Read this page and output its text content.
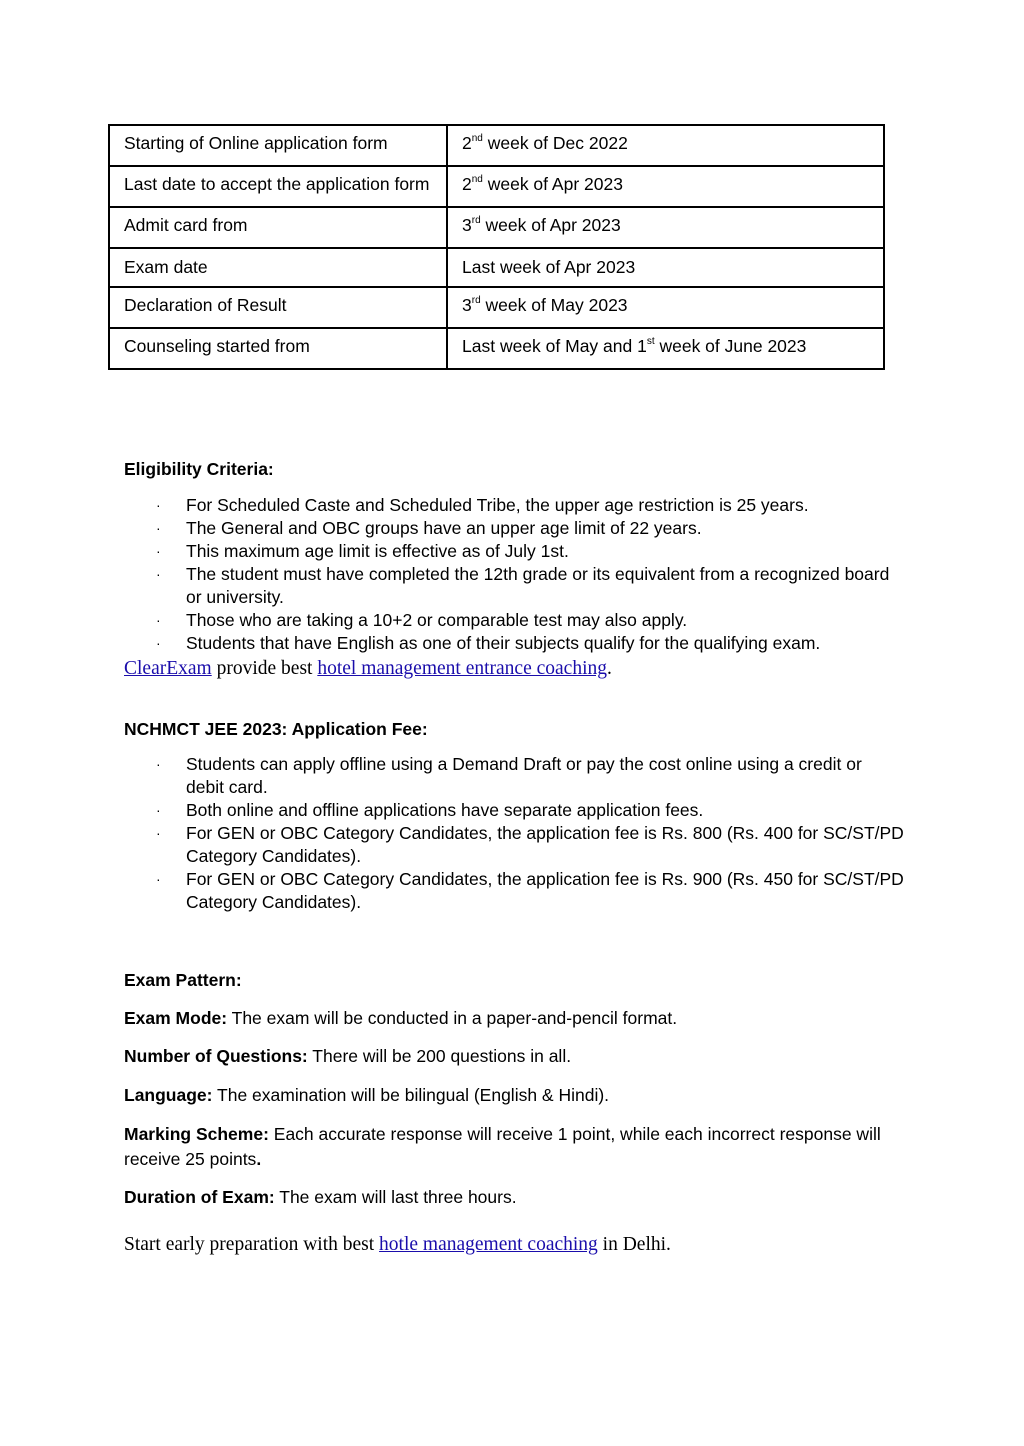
Starting of Online application form	2nd week of Dec 2022
Last date to accept the application form	2nd week of Apr 2023
Admit card from	3rd week of Apr 2023
Exam date	Last week of Apr 2023
Declaration of Result	3rd week of May 2023
Counseling started from	Last week of May and 1st week of June 2023
Eligibility Criteria:
· For Scheduled Caste and Scheduled Tribe, the upper age restriction is 25 years.
· The General and OBC groups have an upper age limit of 22 years.
· This maximum age limit is effective as of July 1st.
· The student must have completed the 12th grade or its equivalent from a recognized board or university.
· Those who are taking a 10+2 or comparable test may also apply.
· Students that have English as one of their subjects qualify for the qualifying exam.
ClearExam provide best hotel management entrance coaching.
NCHMCT JEE 2023: Application Fee:
· Students can apply offline using a Demand Draft or pay the cost online using a credit or debit card.
· Both online and offline applications have separate application fees.
· For GEN or OBC Category Candidates, the application fee is Rs. 800 (Rs. 400 for SC/ST/PD Category Candidates).
· For GEN or OBC Category Candidates, the application fee is Rs. 900 (Rs. 450 for SC/ST/PD Category Candidates).
Exam Pattern:
Exam Mode: The exam will be conducted in a paper-and-pencil format.
Number of Questions: There will be 200 questions in all.
Language: The examination will be bilingual (English & Hindi).
Marking Scheme: Each accurate response will receive 1 point, while each incorrect response will receive 25 points.
Duration of Exam: The exam will last three hours.
Start early preparation with best hotle management coaching in Delhi.
